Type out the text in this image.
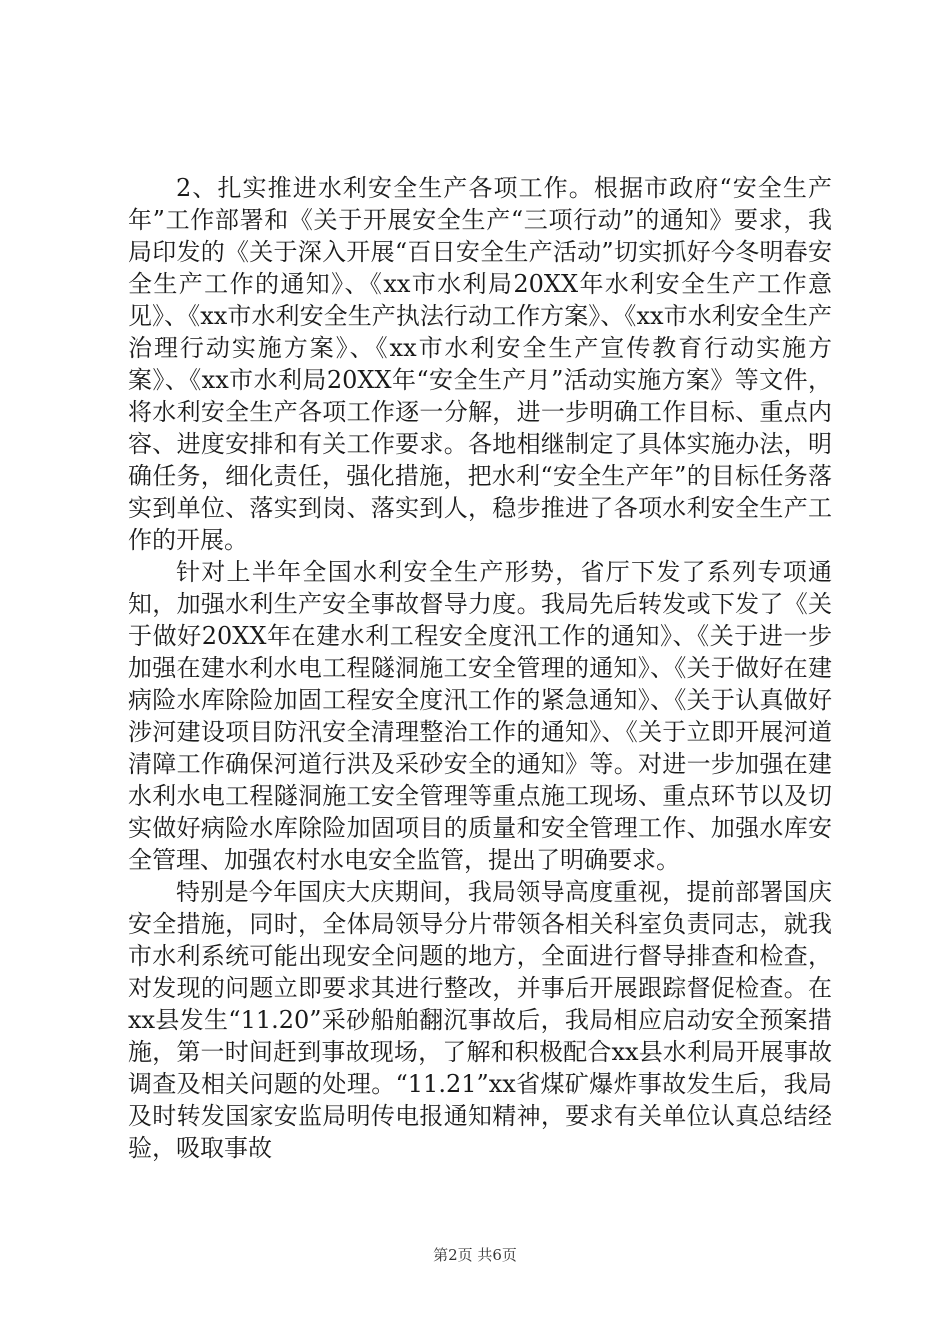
2、扎实推进水利安全生产各项工作。根据市政府“安全生产年”工作部署和《关于开展安全生产“三项行动”的通知》要求，我局印发的《关于深入开展“百日安全生产活动”切实抓好今冬明春安全生产工作的通知》、《xx市水利局20XX年水利安全生产工作意见》、《xx市水利安全生产执法行动工作方案》、《xx市水利安全生产治理行动实施方案》、《xx市水利安全生产宣传教育行动实施方案》、《xx市水利局20XX年“安全生产月”活动实施方案》等文件，将水利安全生产各项工作逐一分解，进一步明确工作目标、重点内容、进度安排和有关工作要求。各地相继制定了具体实施办法，明确任务，细化责任，强化措施，把水利“安全生产年”的目标任务落实到单位、落实到岗、落实到人，稳步推进了各项水利安全生产工作的开展。

针对上半年全国水利安全生产形势，省厅下发了系列专项通知，加强水利生产安全事故督导力度。我局先后转发或下发了《关于做好20XX年在建水利工程安全度汛工作的通知》、《关于进一步加强在建水利水电工程隧洞施工安全管理的通知》、《关于做好在建病险水库除险加固工程安全度汛工作的紧急通知》、《关于认真做好涉河建设项目防汛安全清理整治工作的通知》、《关于立即开展河道清障工作确保河道行洪及采砂安全的通知》等。对进一步加强在建水利水电工程隧洞施工安全管理等重点施工现场、重点环节以及切实做好病险水库除险加固项目的质量和安全管理工作、加强水库安全管理、加强农村水电安全监管，提出了明确要求。

特别是今年国庆大庆期间，我局领导高度重视，提前部署国庆安全措施，同时，全体局领导分片带领各相关科室负责同志，就我市水利系统可能出现安全问题的地方，全面进行督导排查和检查，对发现的问题立即要求其进行整改，并事后开展跟踪督促检查。在xx县发生“11.20”采砂船舶翻沉事故后，我局相应启动安全预案措施，第一时间赶到事故现场，了解和积极配合xx县水利局开展事故调查及相关问题的处理。“11.21”xx省煤矿爆炸事故发生后，我局及时转发国家安监局明传电报通知精神，要求有关单位认真总结经验，吸取事故

第2页 共6页
